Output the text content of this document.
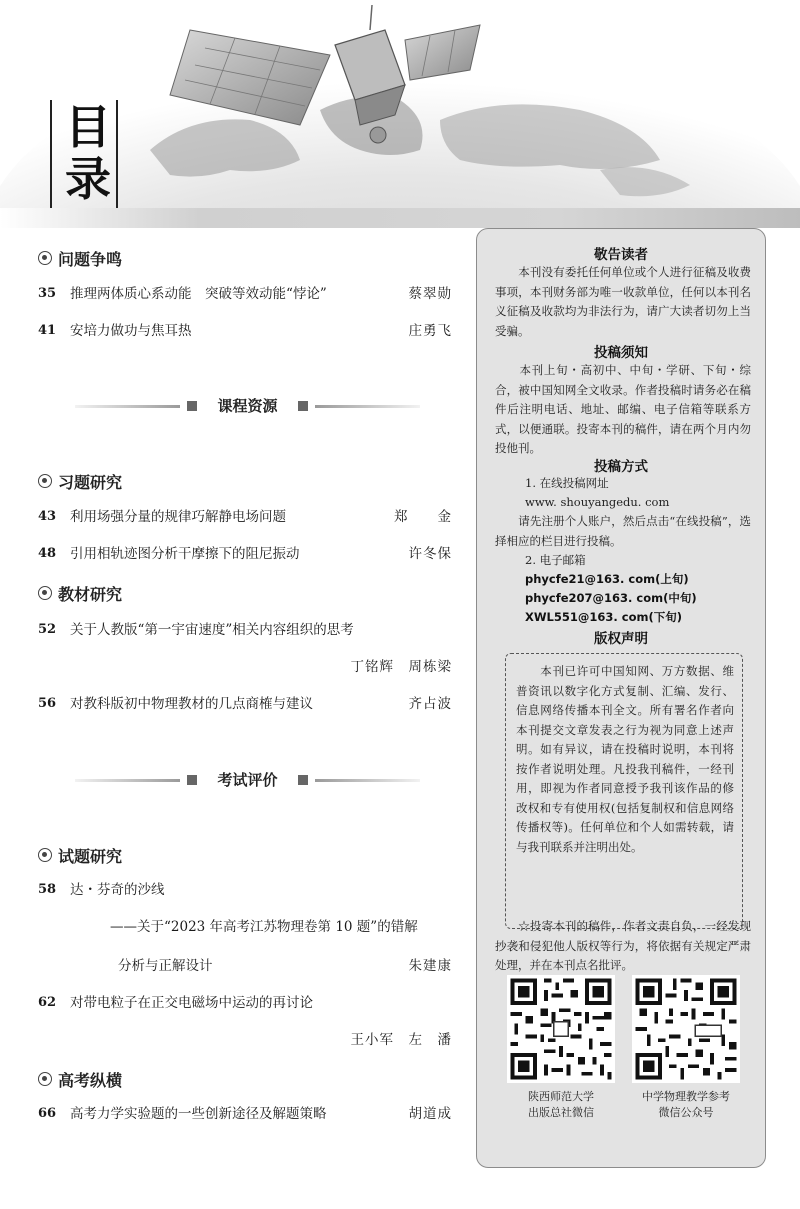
目
录
问题争鸣
35 推理两体质心系动能　突破等效动能“悖论”	蔡翠勋
41 安培力做功与焦耳热	庄勇飞
课程资源
习题研究
43 利用场强分量的规律巧解静电场问题	郑　　金
48 引用相轨迹图分析干摩擦下的阻尼振动	许冬保
教材研究
52 关于人教版“第一宇宙速度”相关内容组织的思考
丁铭辉　周栋梁
56 对教科版初中物理教材的几点商榷与建议	齐占波
考试评价
试题研究
58 达・芬奇的沙线
——关于“2023 年高考江苏物理卷第 10 题”的错解
分析与正解设计	朱建康
62 对带电粒子在正交电磁场中运动的再讨论
王小军　左　潘
高考纵横
66 高考力学实验题的一些创新途径及解题策略	胡道成
敬告读者
　　本刊没有委托任何单位或个人进行征稿及收费事项，本刊财务部为唯一收款单位，任何以本刊名义征稿及收款均为非法行为，请广大读者切勿上当受骗。
投稿须知
　　本刊上旬・高初中、中旬・学研、下旬・综合，被中国知网全文收录。作者投稿时请务必在稿件后注明电话、地址、邮编、电子信箱等联系方式，以便通联。投寄本刊的稿件，请在两个月内勿投他刊。
投稿方式
1. 在线投稿网址
www. shouyangedu. com
　　请先注册个人账户，然后点击“在线投稿”，选择相应的栏目进行投稿。
2. 电子邮箱
phycfe21@163. com(上旬)
phycfe207@163. com(中旬)
XWL551@163. com(下旬)
版权声明
　　本刊已许可中国知网、万方数据、维普资讯以数字化方式复制、汇编、发行、信息网络传播本刊全文。所有署名作者向本刊提交文章发表之行为视为同意上述声明。如有异议，请在投稿时说明，本刊将按作者说明处理。凡投我刊稿件，一经刊用，即视为作者同意授予我刊该作品的修改权和专有使用权(包括复制权和信息网络传播权等)。任何单位和个人如需转载，请与我刊联系并注明出处。
　　☆投寄本刊的稿件，作者文责自负，一经发现抄袭和侵犯他人版权等行为，将依据有关规定严肃处理，并在本刊点名批评。
陕西师范大学
出版总社微信
中学物理教学参考
微信公众号
